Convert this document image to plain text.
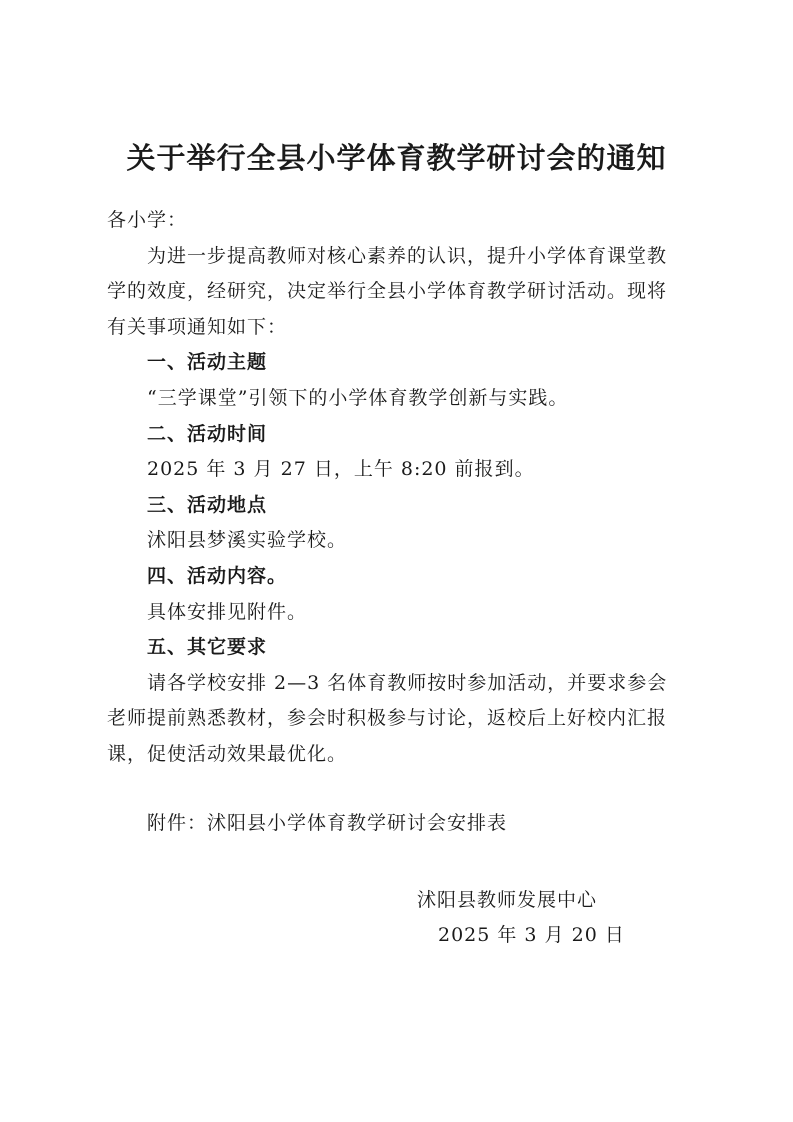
关于举行全县小学体育教学研讨会的通知

各小学：

为进一步提高教师对核心素养的认识，提升小学体育课堂教

学的效度，经研究，决定举行全县小学体育教学研讨活动。现将

有关事项通知如下：

一、活动主题

“三学课堂”引领下的小学体育教学创新与实践。

二、活动时间

2025 年 3 月 27 日，上午 8:20 前报到。

三、活动地点

沭阳县梦溪实验学校。

四、活动内容。

具体安排见附件。

五、其它要求

请各学校安排 2—3 名体育教师按时参加活动，并要求参会

老师提前熟悉教材，参会时积极参与讨论，返校后上好校内汇报

课，促使活动效果最优化。

附件：沭阳县小学体育教学研讨会安排表

沭阳县教师发展中心
2025 年 3 月 20 日
